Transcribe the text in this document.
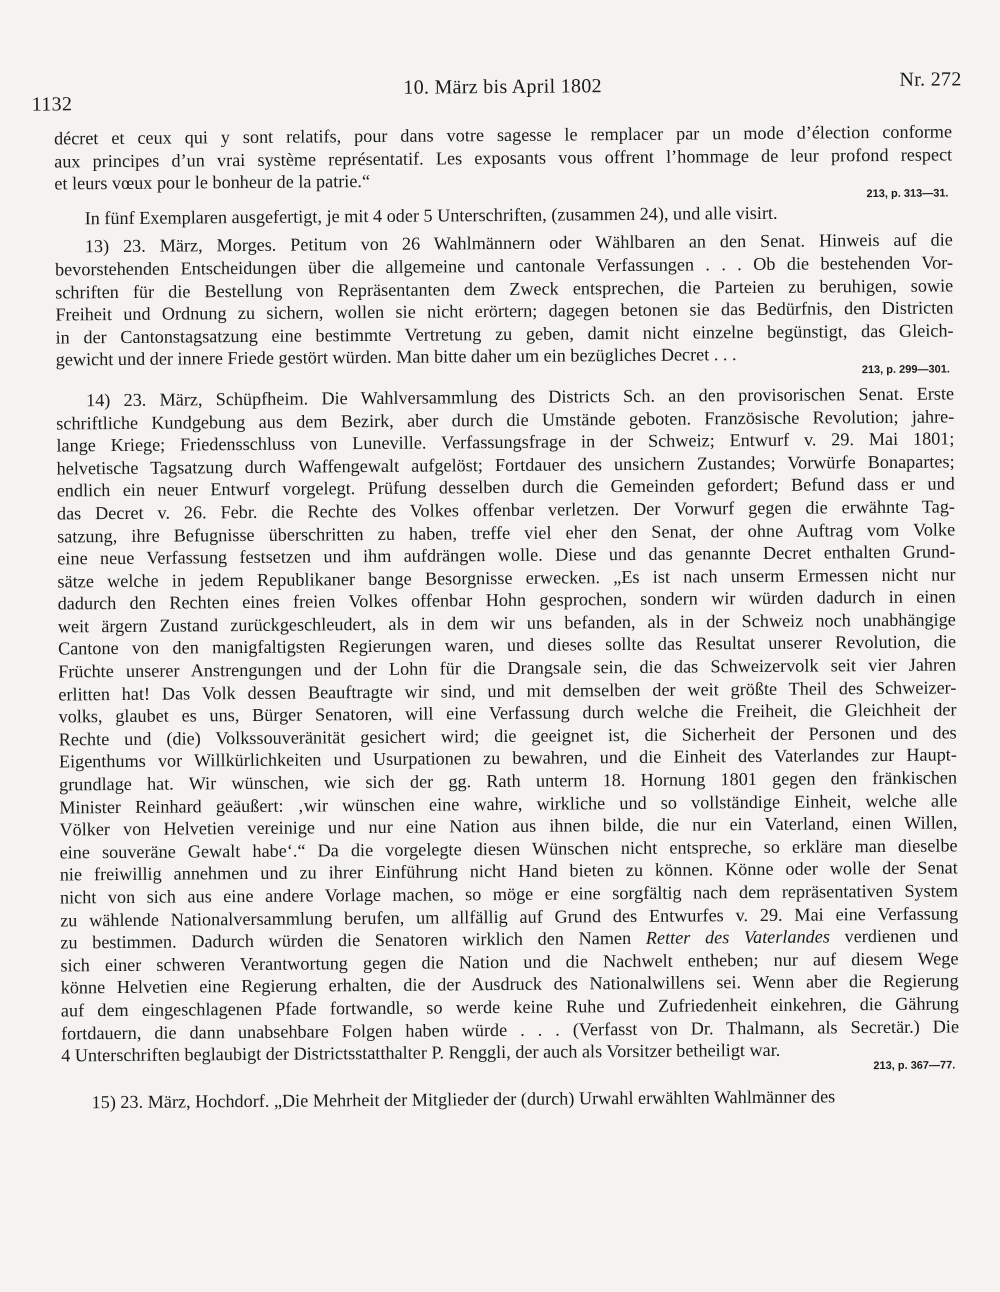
1132
10. März bis April 1802	Nr. 272

décret et ceux qui y sont relatifs, pour dans votre sagesse le remplacer par un mode d’élection conforme
aux principes d’un vrai système représentatif. Les exposants vous offrent l’hommage de leur profond respect
et leurs vœux pour le bonheur de la patrie.“	213, p. 313—31.

In fünf Exemplaren ausgefertigt, je mit 4 oder 5 Unterschriften, (zusammen 24), und alle visirt.

13) 23. März, Morges. Petitum von 26 Wahlmännern oder Wählbaren an den Senat. Hinweis auf die
bevorstehenden Entscheidungen über die allgemeine und cantonale Verfassungen . . . Ob die bestehenden Vor-
schriften für die Bestellung von Repräsentanten dem Zweck entsprechen, die Parteien zu beruhigen, sowie
Freiheit und Ordnung zu sichern, wollen sie nicht erörtern; dagegen betonen sie das Bedürfnis, den Districten
in der Cantonstagsatzung eine bestimmte Vertretung zu geben, damit nicht einzelne begünstigt, das Gleich-
gewicht und der innere Friede gestört würden. Man bitte daher um ein bezügliches Decret . . .	213, p. 299—301.

14) 23. März, Schüpfheim. Die Wahlversammlung des Districts Sch. an den provisorischen Senat. Erste
schriftliche Kundgebung aus dem Bezirk, aber durch die Umstände geboten. Französische Revolution; jahre-
lange Kriege; Friedensschluss von Luneville. Verfassungsfrage in der Schweiz; Entwurf v. 29. Mai 1801;
helvetische Tagsatzung durch Waffengewalt aufgelöst; Fortdauer des unsichern Zustandes; Vorwürfe Bonapartes;
endlich ein neuer Entwurf vorgelegt. Prüfung desselben durch die Gemeinden gefordert; Befund dass er und
das Decret v. 26. Febr. die Rechte des Volkes offenbar verletzen. Der Vorwurf gegen die erwähnte Tag-
satzung, ihre Befugnisse überschritten zu haben, treffe viel eher den Senat, der ohne Auftrag vom Volke
eine neue Verfassung festsetzen und ihm aufdrängen wolle. Diese und das genannte Decret enthalten Grund-
sätze welche in jedem Republikaner bange Besorgnisse erwecken. „Es ist nach unserm Ermessen nicht nur
dadurch den Rechten eines freien Volkes offenbar Hohn gesprochen, sondern wir würden dadurch in einen
weit ärgern Zustand zurückgeschleudert, als in dem wir uns befanden, als in der Schweiz noch unabhängige
Cantone von den manigfaltigsten Regierungen waren, und dieses sollte das Resultat unserer Revolution, die
Früchte unserer Anstrengungen und der Lohn für die Drangsale sein, die das Schweizervolk seit vier Jahren
erlitten hat! Das Volk dessen Beauftragte wir sind, und mit demselben der weit größte Theil des Schweizer-
volks, glaubet es uns, Bürger Senatoren, will eine Verfassung durch welche die Freiheit, die Gleichheit der
Rechte und (die) Volkssouveränität gesichert wird; die geeignet ist, die Sicherheit der Personen und des
Eigenthums vor Willkürlichkeiten und Usurpationen zu bewahren, und die Einheit des Vaterlandes zur Haupt-
grundlage hat. Wir wünschen, wie sich der gg. Rath unterm 18. Hornung 1801 gegen den fränkischen
Minister Reinhard geäußert: ‚wir wünschen eine wahre, wirkliche und so vollständige Einheit, welche alle
Völker von Helvetien vereinige und nur eine Nation aus ihnen bilde, die nur ein Vaterland, einen Willen,
eine souveräne Gewalt habe‘.“ Da die vorgelegte diesen Wünschen nicht entspreche, so erkläre man dieselbe
nie freiwillig annehmen und zu ihrer Einführung nicht Hand bieten zu können. Könne oder wolle der Senat
nicht von sich aus eine andere Vorlage machen, so möge er eine sorgfältig nach dem repräsentativen System
zu wählende Nationalversammlung berufen, um allfällig auf Grund des Entwurfes v. 29. Mai eine Verfassung
zu bestimmen. Dadurch würden die Senatoren wirklich den Namen Retter des Vaterlandes verdienen und
sich einer schweren Verantwortung gegen die Nation und die Nachwelt entheben; nur auf diesem Wege
könne Helvetien eine Regierung erhalten, die der Ausdruck des Nationalwillens sei. Wenn aber die Regierung
auf dem eingeschlagenen Pfade fortwandle, so werde keine Ruhe und Zufriedenheit einkehren, die Gährung
fortdauern, die dann unabsehbare Folgen haben würde . . . (Verfasst von Dr. Thalmann, als Secretär.) Die
4 Unterschriften beglaubigt der Districtsstatthalter P. Renggli, der auch als Vorsitzer betheiligt war.	213, p. 367—77.

15) 23. März, Hochdorf. „Die Mehrheit der Mitglieder der (durch) Urwahl erwählten Wahlmänner des
